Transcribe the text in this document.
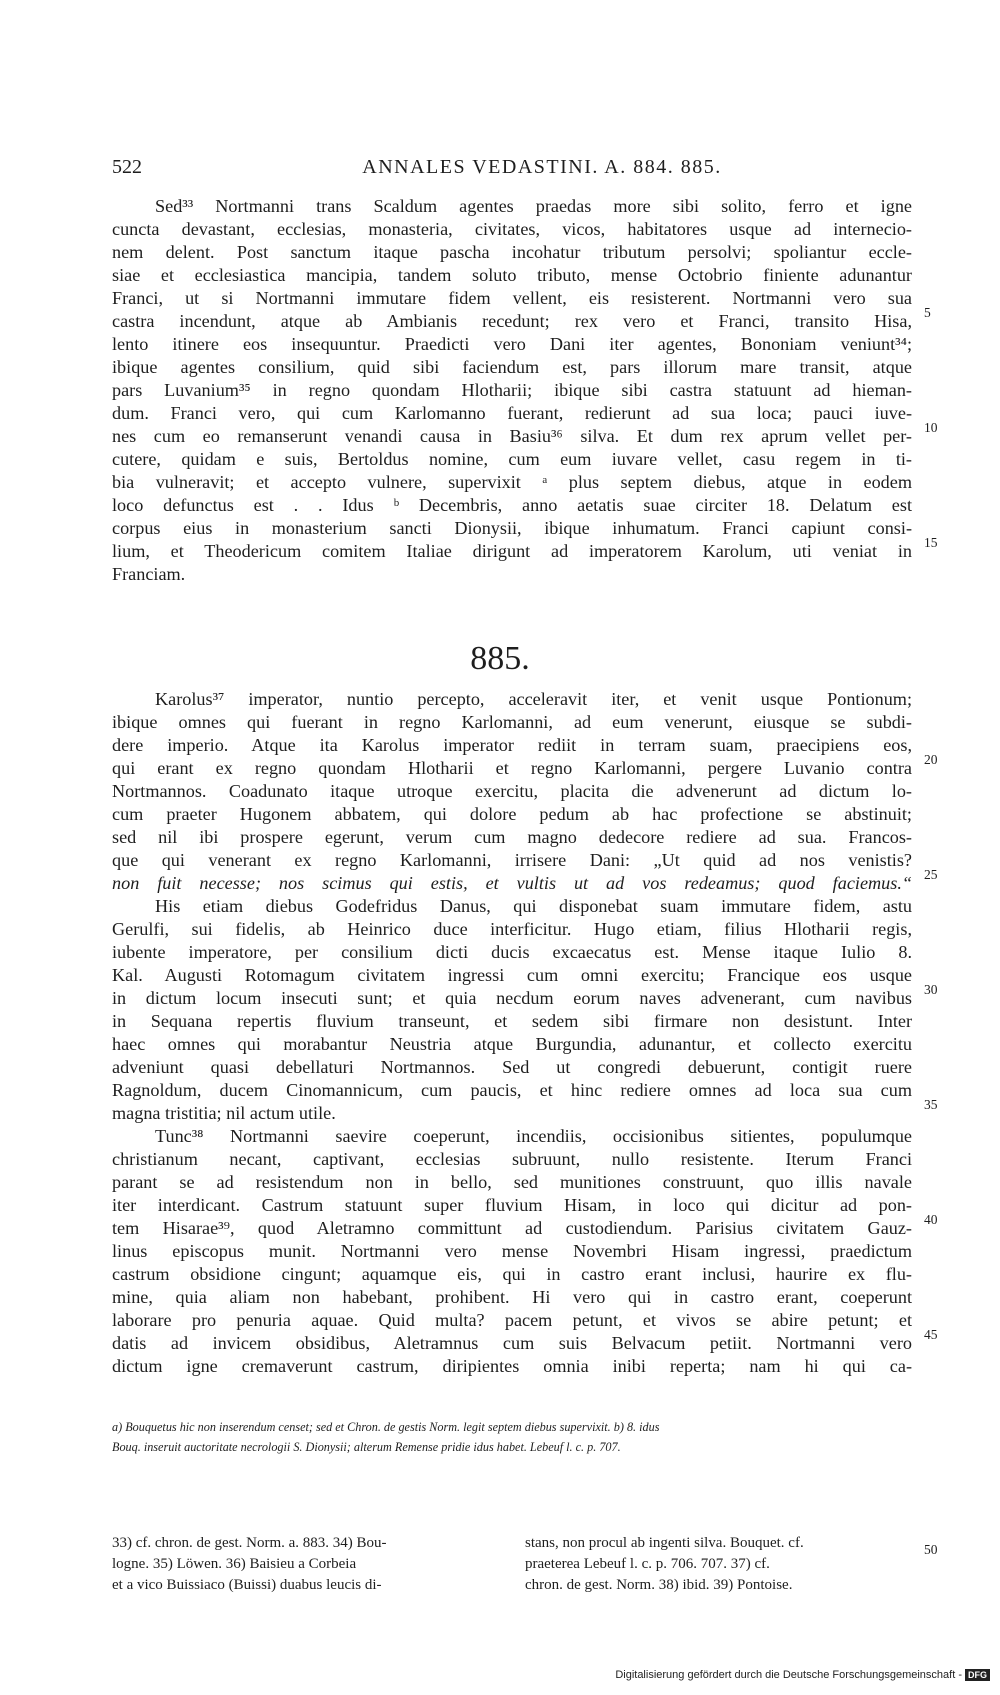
522	ANNALES VEDASTINI. A. 884. 885.
Sed³³ Nortmanni trans Scaldum agentes praedas more sibi solito, ferro et igne
cuncta devastant, ecclesias, monasteria, civitates, vicos, habitatores usque ad internecio-
nem delent. Post sanctum itaque pascha incohatur tributum persolvi; spoliantur eccle-
siae et ecclesiastica mancipia, tandem soluto tributo, mense Octobrio finiente adunantur
Franci, ut si Nortmanni immutare fidem vellent, eis resisterent. Nortmanni vero sua
castra incendunt, atque ab Ambianis recedunt; rex vero et Franci, transito Hisa,
lento itinere eos insequuntur. Praedicti vero Dani iter agentes, Bononiam veniunt³⁴;
ibique agentes consilium, quid sibi faciendum est, pars illorum mare transit, atque
pars Luvanium³⁵ in regno quondam Hlotharii; ibique sibi castra statuunt ad hieman-
dum. Franci vero, qui cum Karlomanno fuerant, redierunt ad sua loca; pauci iuve-
nes cum eo remanserunt venandi causa in Basiu³⁶ silva. Et dum rex aprum vellet per-
cutere, quidam e suis, Bertoldus nomine, cum eum iuvare vellet, casu regem in ti-
bia vulneravit; et accepto vulnere, supervixit ᵃ plus septem diebus, atque in eodem
loco defunctus est . . Idus ᵇ Decembris, anno aetatis suae circiter 18. Delatum est
corpus eius in monasterium sancti Dionysii, ibique inhumatum. Franci capiunt consi-
lium, et Theodericum comitem Italiae dirigunt ad imperatorem Karolum, uti veniat in
Franciam.
885.
Karolus³⁷ imperator, nuntio percepto, acceleravit iter, et venit usque Pontionum;
ibique omnes qui fuerant in regno Karlomanni, ad eum venerunt, eiusque se subdi-
dere imperio. Atque ita Karolus imperator rediit in terram suam, praecipiens eos,
qui erant ex regno quondam Hlotharii et regno Karlomanni, pergere Luvanio contra
Nortmannos. Coadunato itaque utroque exercitu, placita die advenerunt ad dictum lo-
cum praeter Hugonem abbatem, qui dolore pedum ab hac profectione se abstinuit;
sed nil ibi prospere egerunt, verum cum magno dedecore rediere ad sua. Francos-
que qui venerant ex regno Karlomanni, irrisere Dani: „Ut quid ad nos venistis?
non fuit necesse; nos scimus qui estis, et vultis ut ad vos redeamus; quod faciemus.“
His etiam diebus Godefridus Danus, qui disponebat suam immutare fidem, astu
Gerulfi, sui fidelis, ab Heinrico duce interficitur. Hugo etiam, filius Hlotharii regis,
iubente imperatore, per consilium dicti ducis excaecatus est. Mense itaque Iulio 8.
Kal. Augusti Rotomagum civitatem ingressi cum omni exercitu; Francique eos usque
in dictum locum insecuti sunt; et quia necdum eorum naves advenerant, cum navibus
in Sequana repertis fluvium transeunt, et sedem sibi firmare non desistunt. Inter
haec omnes qui morabantur Neustria atque Burgundia, adunantur, et collecto exercitu
adveniunt quasi debellaturi Nortmannos. Sed ut congredi debuerunt, contigit ruere
Ragnoldum, ducem Cinomannicum, cum paucis, et hinc rediere omnes ad loca sua cum
magna tristitia; nil actum utile.
Tunc³⁸ Nortmanni saevire coeperunt, incendiis, occisionibus sitientes, populumque
christianum necant, captivant, ecclesias subruunt, nullo resistente. Iterum Franci
parant se ad resistendum non in bello, sed munitiones construunt, quo illis navale
iter interdicant. Castrum statuunt super fluvium Hisam, in loco qui dicitur ad pon-
tem Hisarae³⁹, quod Aletramno committunt ad custodiendum. Parisius civitatem Gauz-
linus episcopus munit. Nortmanni vero mense Novembri Hisam ingressi, praedictum
castrum obsidione cingunt; aquamque eis, qui in castro erant inclusi, haurire ex flu-
mine, quia aliam non habebant, prohibent. Hi vero qui in castro erant, coeperunt
laborare pro penuria aquae. Quid multa? pacem petunt, et vivos se abire petunt; et
datis ad invicem obsidibus, Aletramnus cum suis Belvacum petiit. Nortmanni vero
dictum igne cremaverunt castrum, diripientes omnia inibi reperta; nam hi qui ca-
5
10
15
20
25
30
35
40
45
50
a) Bouquetus hic non inserendum censet; sed et Chron. de gestis Norm. legit septem diebus supervixit. b) 8. idus
Bouq. inseruit auctoritate necrologii S. Dionysii; alterum Remense pridie idus habet. Lebeuf l. c. p. 707.
33) cf. chron. de gest. Norm. a. 883. 34) Bou-
logne. 35) Löwen. 36) Baisieu a Corbeia
et a vico Buissiaco (Buissi) duabus leucis di-
stans, non procul ab ingenti silva. Bouquet. cf.
praeterea Lebeuf l. c. p. 706. 707. 37) cf.
chron. de gest. Norm. 38) ibid. 39) Pontoise.
Digitalisierung gefördert durch die Deutsche Forschungsgemeinschaft - DFG
